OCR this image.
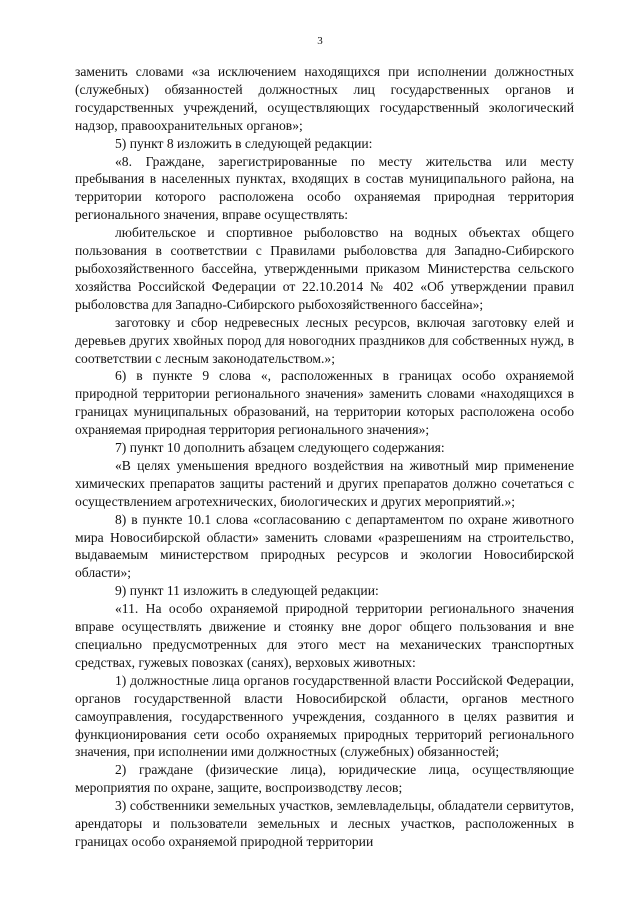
3

заменить словами «за исключением находящихся при исполнении должностных (служебных) обязанностей должностных лиц государственных органов и государственных учреждений, осуществляющих государственный экологический надзор, правоохранительных органов»;

5) пункт 8 изложить в следующей редакции:

«8. Граждане, зарегистрированные по месту жительства или месту пребывания в населенных пунктах, входящих в состав муниципального района, на территории которого расположена особо охраняемая природная территория регионального значения, вправе осуществлять:

любительское и спортивное рыболовство на водных объектах общего пользования в соответствии с Правилами рыболовства для Западно-Сибирского рыбохозяйственного бассейна, утвержденными приказом Министерства сельского хозяйства Российской Федерации от 22.10.2014 № 402 «Об утверждении правил рыболовства для Западно-Сибирского рыбохозяйственного бассейна»;

заготовку и сбор недревесных лесных ресурсов, включая заготовку елей и деревьев других хвойных пород для новогодних праздников для собственных нужд, в соответствии с лесным законодательством.»;

6) в пункте 9 слова «, расположенных в границах особо охраняемой природной территории регионального значения» заменить словами «находящихся в границах муниципальных образований, на территории которых расположена особо охраняемая природная территория регионального значения»;

7) пункт 10 дополнить абзацем следующего содержания:

«В целях уменьшения вредного воздействия на животный мир применение химических препаратов защиты растений и других препаратов должно сочетаться с осуществлением агротехнических, биологических и других мероприятий.»;

8) в пункте 10.1 слова «согласованию с департаментом по охране животного мира Новосибирской области» заменить словами «разрешениям на строительство, выдаваемым министерством природных ресурсов и экологии Новосибирской области»;

9) пункт 11 изложить в следующей редакции:

«11. На особо охраняемой природной территории регионального значения вправе осуществлять движение и стоянку вне дорог общего пользования и вне специально предусмотренных для этого мест на механических транспортных средствах, гужевых повозках (санях), верховых животных:

1) должностные лица органов государственной власти Российской Федерации, органов государственной власти Новосибирской области, органов местного самоуправления, государственного учреждения, созданного в целях развития и функционирования сети особо охраняемых природных территорий регионального значения, при исполнении ими должностных (служебных) обязанностей;

2) граждане (физические лица), юридические лица, осуществляющие мероприятия по охране, защите, воспроизводству лесов;

3) собственники земельных участков, землевладельцы, обладатели сервитутов, арендаторы и пользователи земельных и лесных участков, расположенных в границах особо охраняемой природной территории
